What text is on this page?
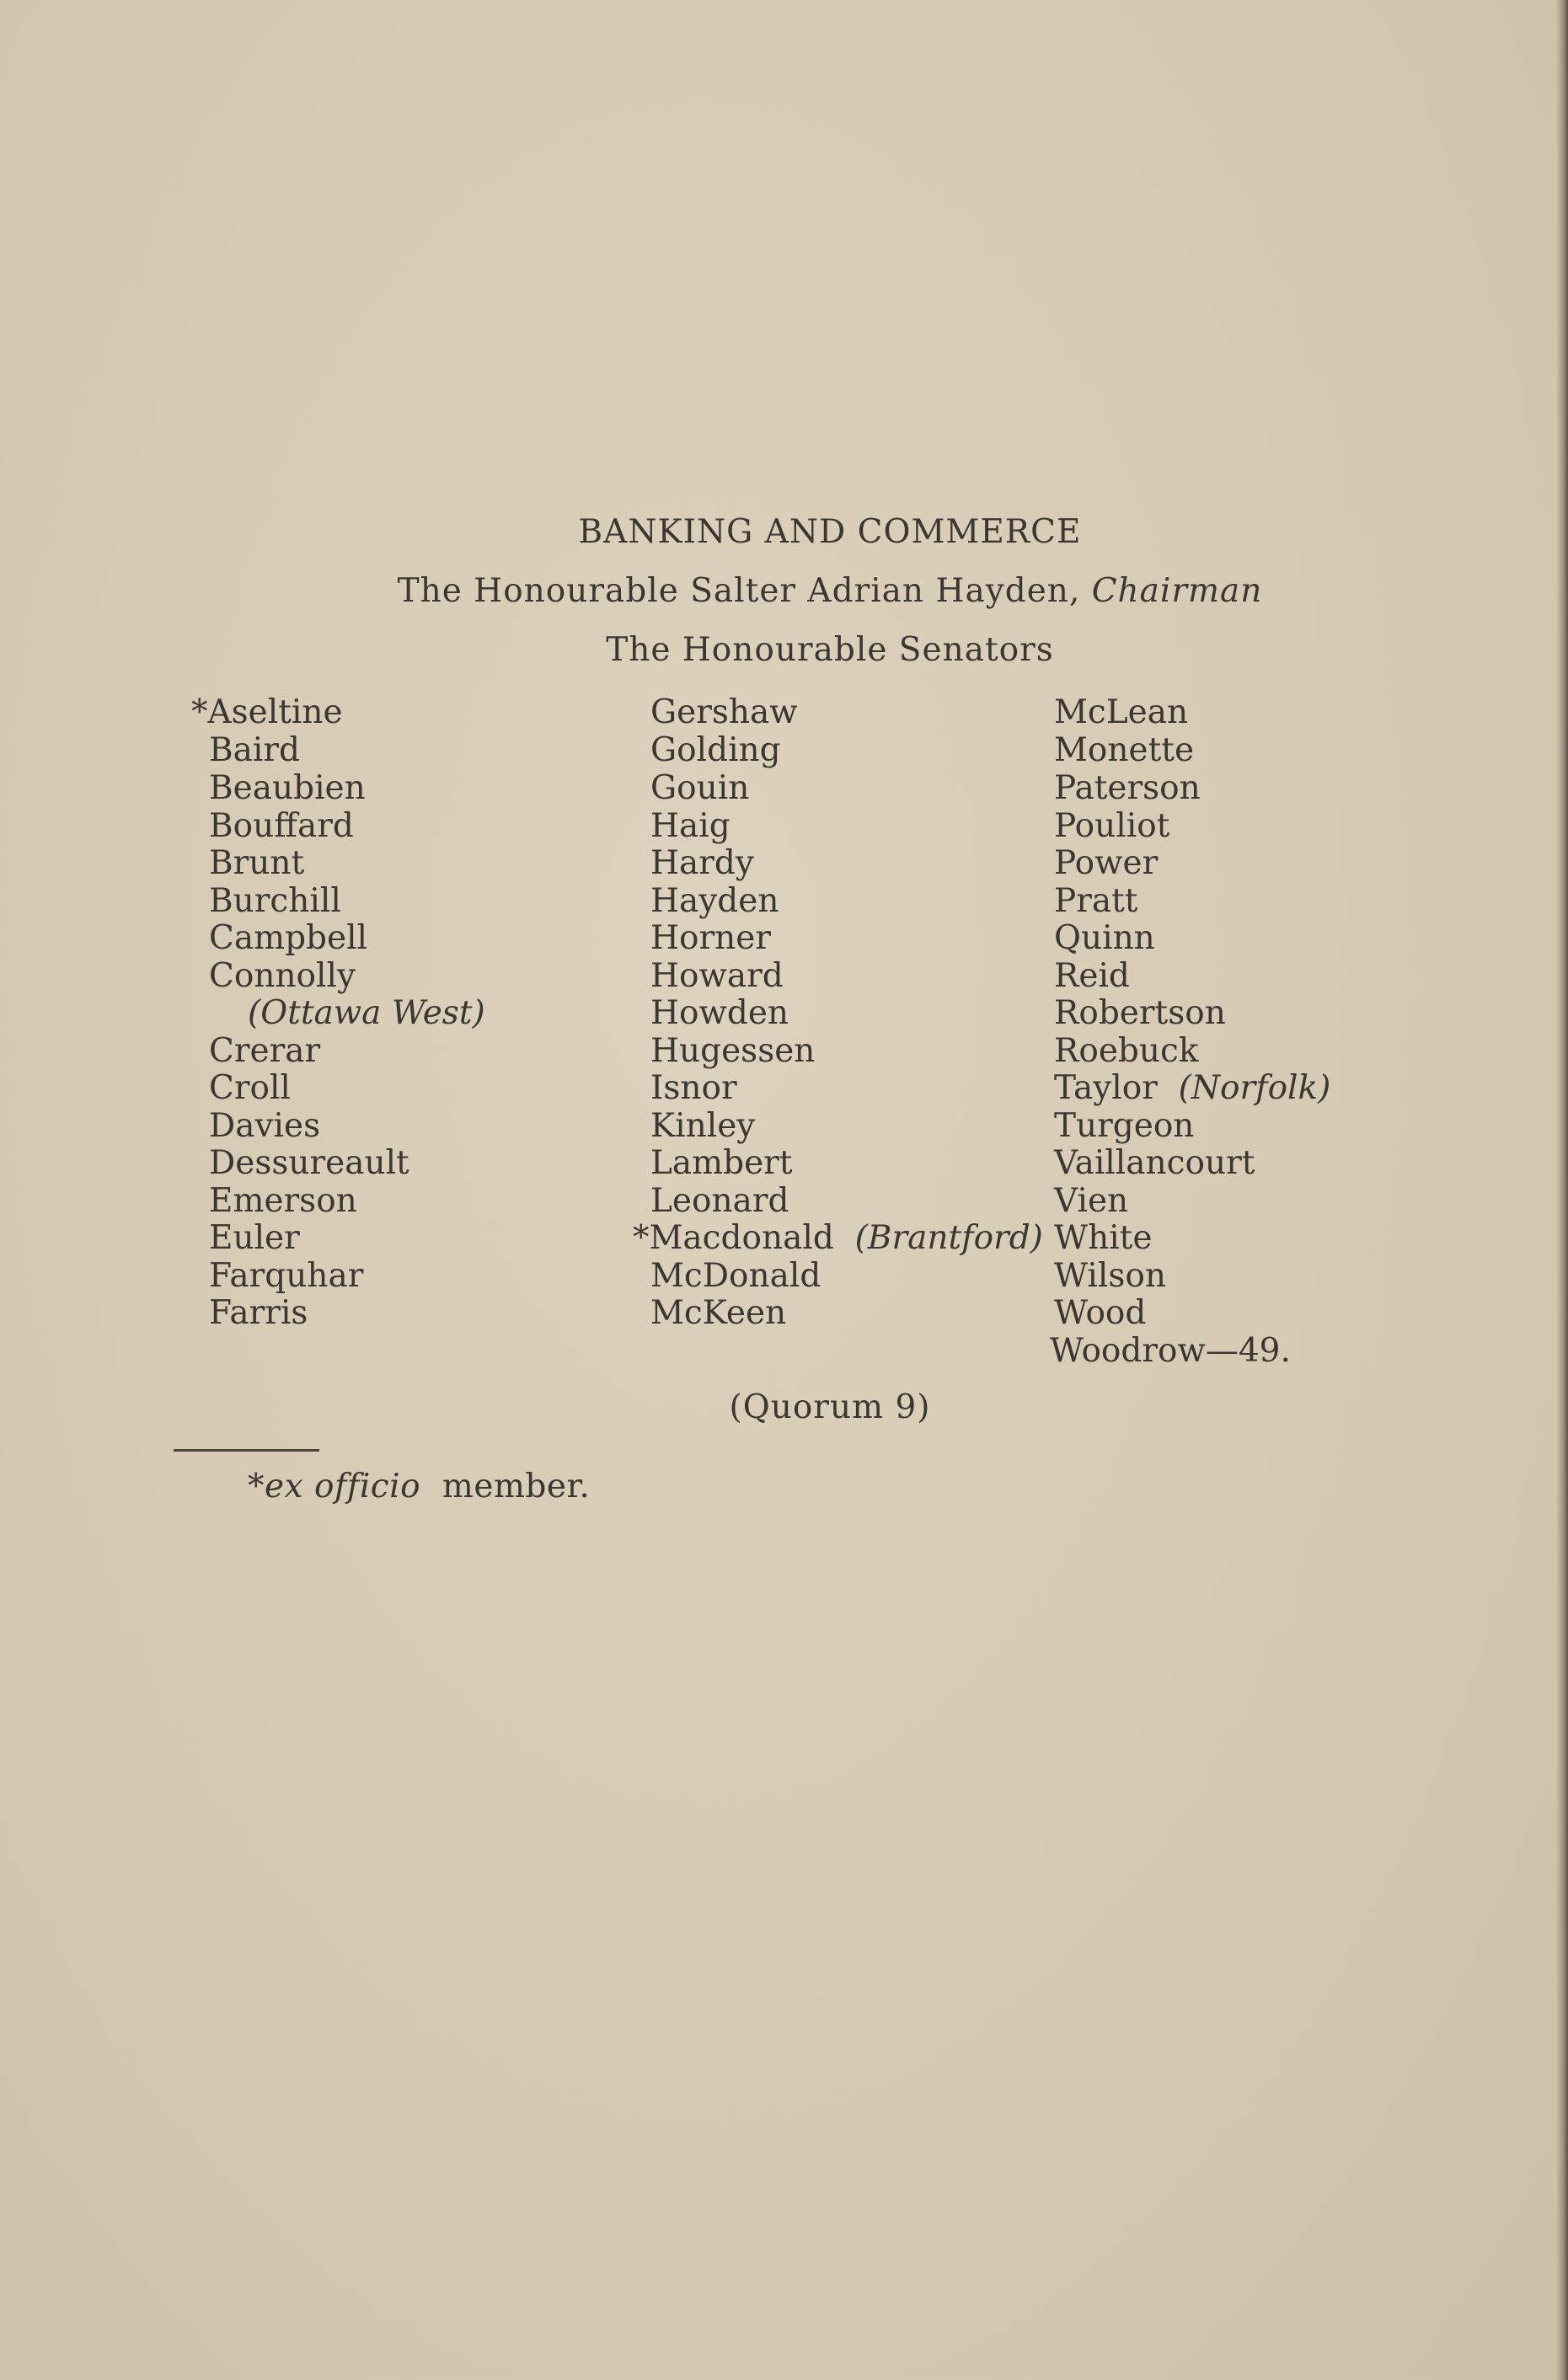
BANKING AND COMMERCE
The Honourable Salter Adrian Hayden, Chairman
The Honourable Senators
*Aseltine
Baird
Beaubien
Bouffard
Brunt
Burchill
Campbell
Connolly
(Ottawa West)
Crerar
Croll
Davies
Dessureault
Emerson
Euler
Farquhar
Farris
Gershaw
Golding
Gouin
Haig
Hardy
Hayden
Horner
Howard
Howden
Hugessen
Isnor
Kinley
Lambert
Leonard
*Macdonald (Brantford)
McDonald
McKeen
McLean
Monette
Paterson
Pouliot
Power
Pratt
Quinn
Reid
Robertson
Roebuck
Taylor (Norfolk)
Turgeon
Vaillancourt
Vien
White
Wilson
Wood
Woodrow—49.
(Quorum 9)
*ex officio member.
